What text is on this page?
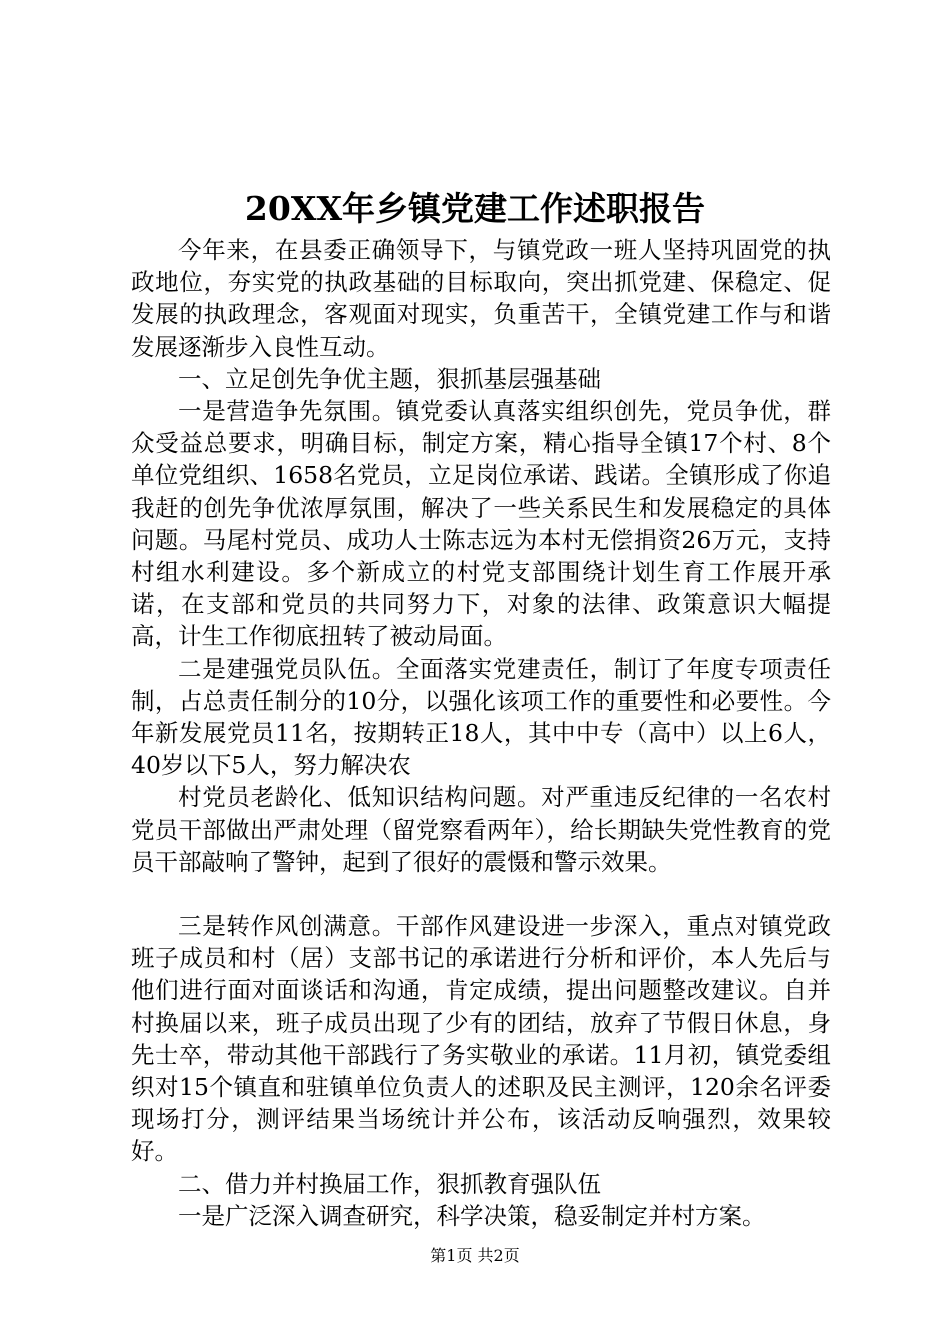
20XX年乡镇党建工作述职报告

今年来，在县委正确领导下，与镇党政一班人坚持巩固党的执政地位，夯实党的执政基础的目标取向，突出抓党建、保稳定、促发展的执政理念，客观面对现实，负重苦干，全镇党建工作与和谐发展逐渐步入良性互动。

一、立足创先争优主题，狠抓基层强基础

一是营造争先氛围。镇党委认真落实组织创先，党员争优，群众受益总要求，明确目标，制定方案，精心指导全镇17个村、8个单位党组织、1658名党员，立足岗位承诺、践诺。全镇形成了你追我赶的创先争优浓厚氛围，解决了一些关系民生和发展稳定的具体问题。马尾村党员、成功人士陈志远为本村无偿捐资26万元，支持村组水利建设。多个新成立的村党支部围绕计划生育工作展开承诺，在支部和党员的共同努力下，对象的法律、政策意识大幅提高，计生工作彻底扭转了被动局面。

二是建强党员队伍。全面落实党建责任，制订了年度专项责任制，占总责任制分的10分，以强化该项工作的重要性和必要性。今年新发展党员11名，按期转正18人，其中中专（高中）以上6人，40岁以下5人，努力解决农

村党员老龄化、低知识结构问题。对严重违反纪律的一名农村党员干部做出严肃处理（留党察看两年），给长期缺失党性教育的党员干部敲响了警钟，起到了很好的震慑和警示效果。

三是转作风创满意。干部作风建设进一步深入，重点对镇党政班子成员和村（居）支部书记的承诺进行分析和评价，本人先后与他们进行面对面谈话和沟通，肯定成绩，提出问题整改建议。自并村换届以来，班子成员出现了少有的团结，放弃了节假日休息，身先士卒，带动其他干部践行了务实敬业的承诺。11月初，镇党委组织对15个镇直和驻镇单位负责人的述职及民主测评，120余名评委现场打分，测评结果当场统计并公布，该活动反响强烈，效果较好。

二、借力并村换届工作，狠抓教育强队伍

一是广泛深入调查研究，科学决策，稳妥制定并村方案。

第1页 共2页
